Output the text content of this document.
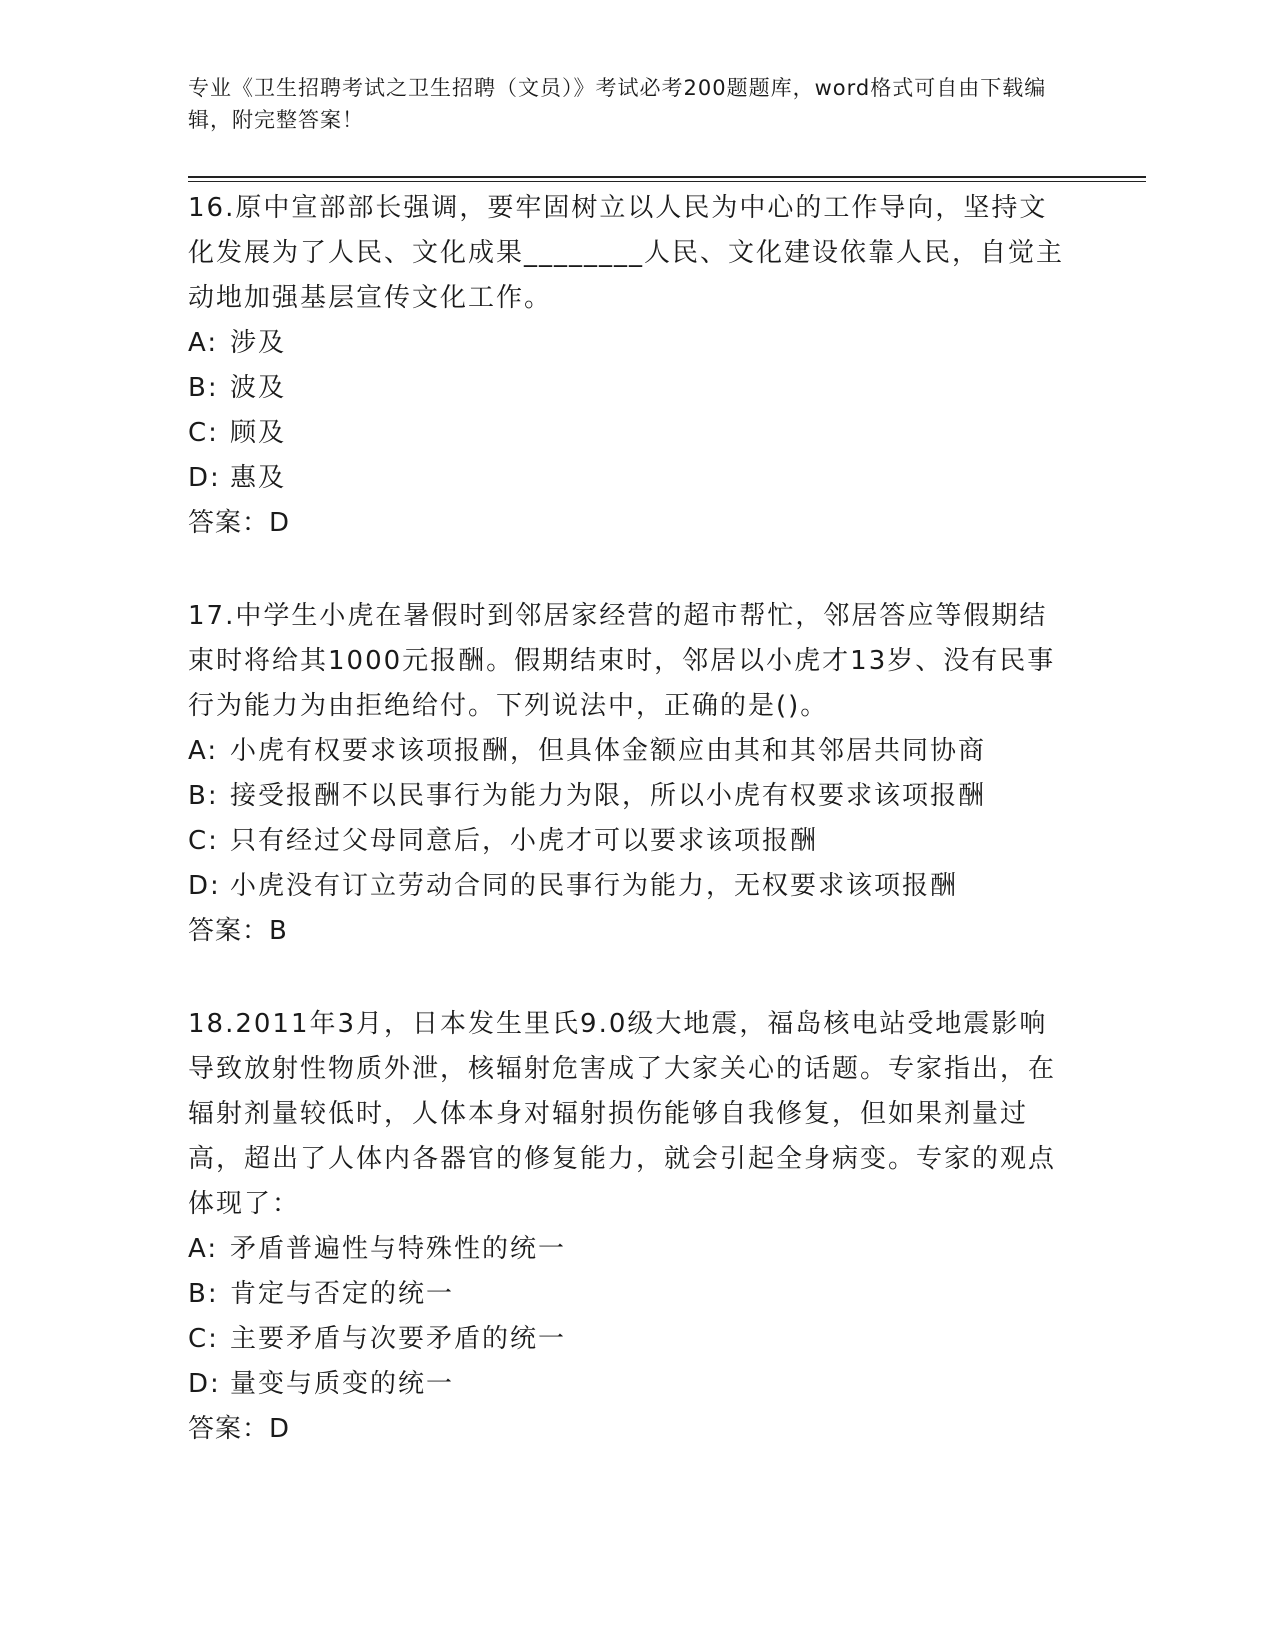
专业《卫生招聘考试之卫生招聘（文员）》考试必考200题题库，word格式可自由下载编辑，附完整答案！

16.原中宣部部长强调，要牢固树立以人民为中心的工作导向，坚持文化发展为了人民、文化成果________人民、文化建设依靠人民，自觉主动地加强基层宣传文化工作。

A: 涉及
B: 波及
C: 顾及
D: 惠及
答案：D

17.中学生小虎在暑假时到邻居家经营的超市帮忙，邻居答应等假期结束时将给其1000元报酬。假期结束时，邻居以小虎才13岁、没有民事行为能力为由拒绝给付。下列说法中，正确的是()。

A: 小虎有权要求该项报酬，但具体金额应由其和其邻居共同协商
B: 接受报酬不以民事行为能力为限，所以小虎有权要求该项报酬
C: 只有经过父母同意后，小虎才可以要求该项报酬
D: 小虎没有订立劳动合同的民事行为能力，无权要求该项报酬
答案：B

18.2011年3月，日本发生里氏9.0级大地震，福岛核电站受地震影响导致放射性物质外泄，核辐射危害成了大家关心的话题。专家指出，在辐射剂量较低时，人体本身对辐射损伤能够自我修复，但如果剂量过高，超出了人体内各器官的修复能力，就会引起全身病变。专家的观点体现了：

A: 矛盾普遍性与特殊性的统一
B: 肯定与否定的统一
C: 主要矛盾与次要矛盾的统一
D: 量变与质变的统一
答案：D
